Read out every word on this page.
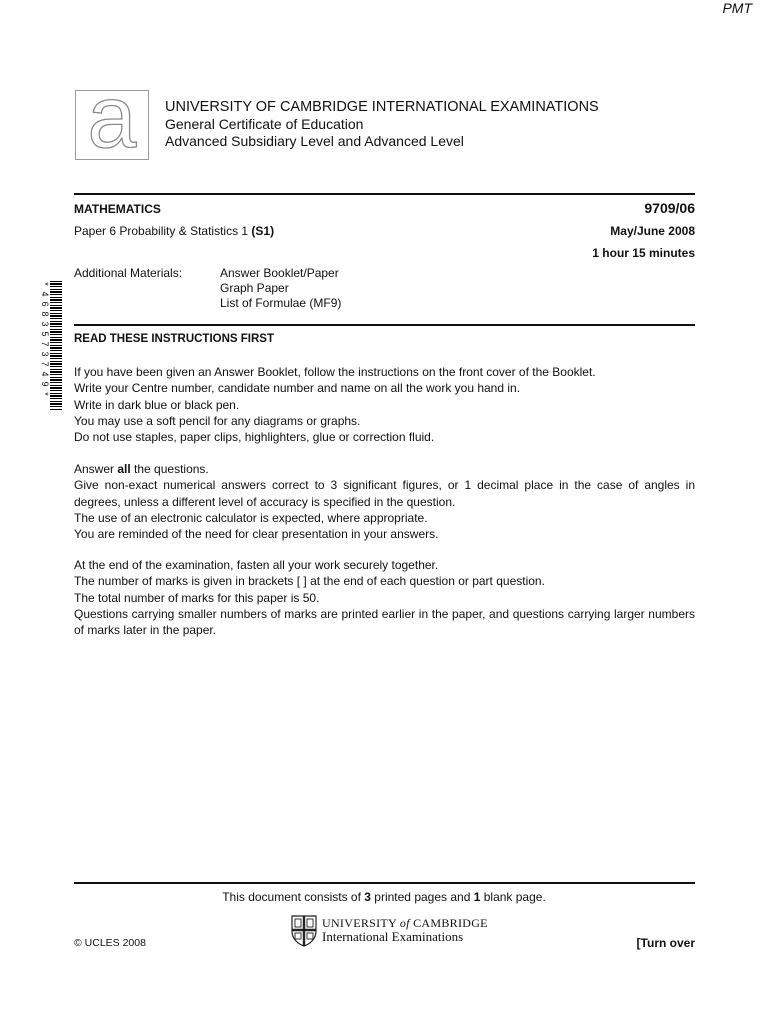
PMT
a	UNIVERSITY OF CAMBRIDGE INTERNATIONAL EXAMINATIONS
General Certificate of Education
Advanced Subsidiary Level and Advanced Level
MATHEMATICS	9709/06
Paper 6 Probability & Statistics 1 (S1)	May/June 2008
1 hour 15 minutes
Additional Materials:	Answer Booklet/Paper
Graph Paper
List of Formulae (MF9)
*
4
6
8
3
5
7
3
7
4
9
*
READ THESE INSTRUCTIONS FIRST
If you have been given an Answer Booklet, follow the instructions on the front cover of the Booklet.
Write your Centre number, candidate number and name on all the work you hand in.
Write in dark blue or black pen.
You may use a soft pencil for any diagrams or graphs.
Do not use staples, paper clips, highlighters, glue or correction fluid.
Answer all the questions.
Give non-exact numerical answers correct to 3 significant figures, or 1 decimal place in the case of angles in degrees, unless a different level of accuracy is specified in the question.
The use of an electronic calculator is expected, where appropriate.
You are reminded of the need for clear presentation in your answers.
At the end of the examination, fasten all your work securely together.
The number of marks is given in brackets [ ] at the end of each question or part question.
The total number of marks for this paper is 50.
Questions carrying smaller numbers of marks are printed earlier in the paper, and questions carrying larger numbers of marks later in the paper.
This document consists of 3 printed pages and 1 blank page.
UNIVERSITY of CAMBRIDGE
International Examinations
© UCLES 2008	[Turn over
